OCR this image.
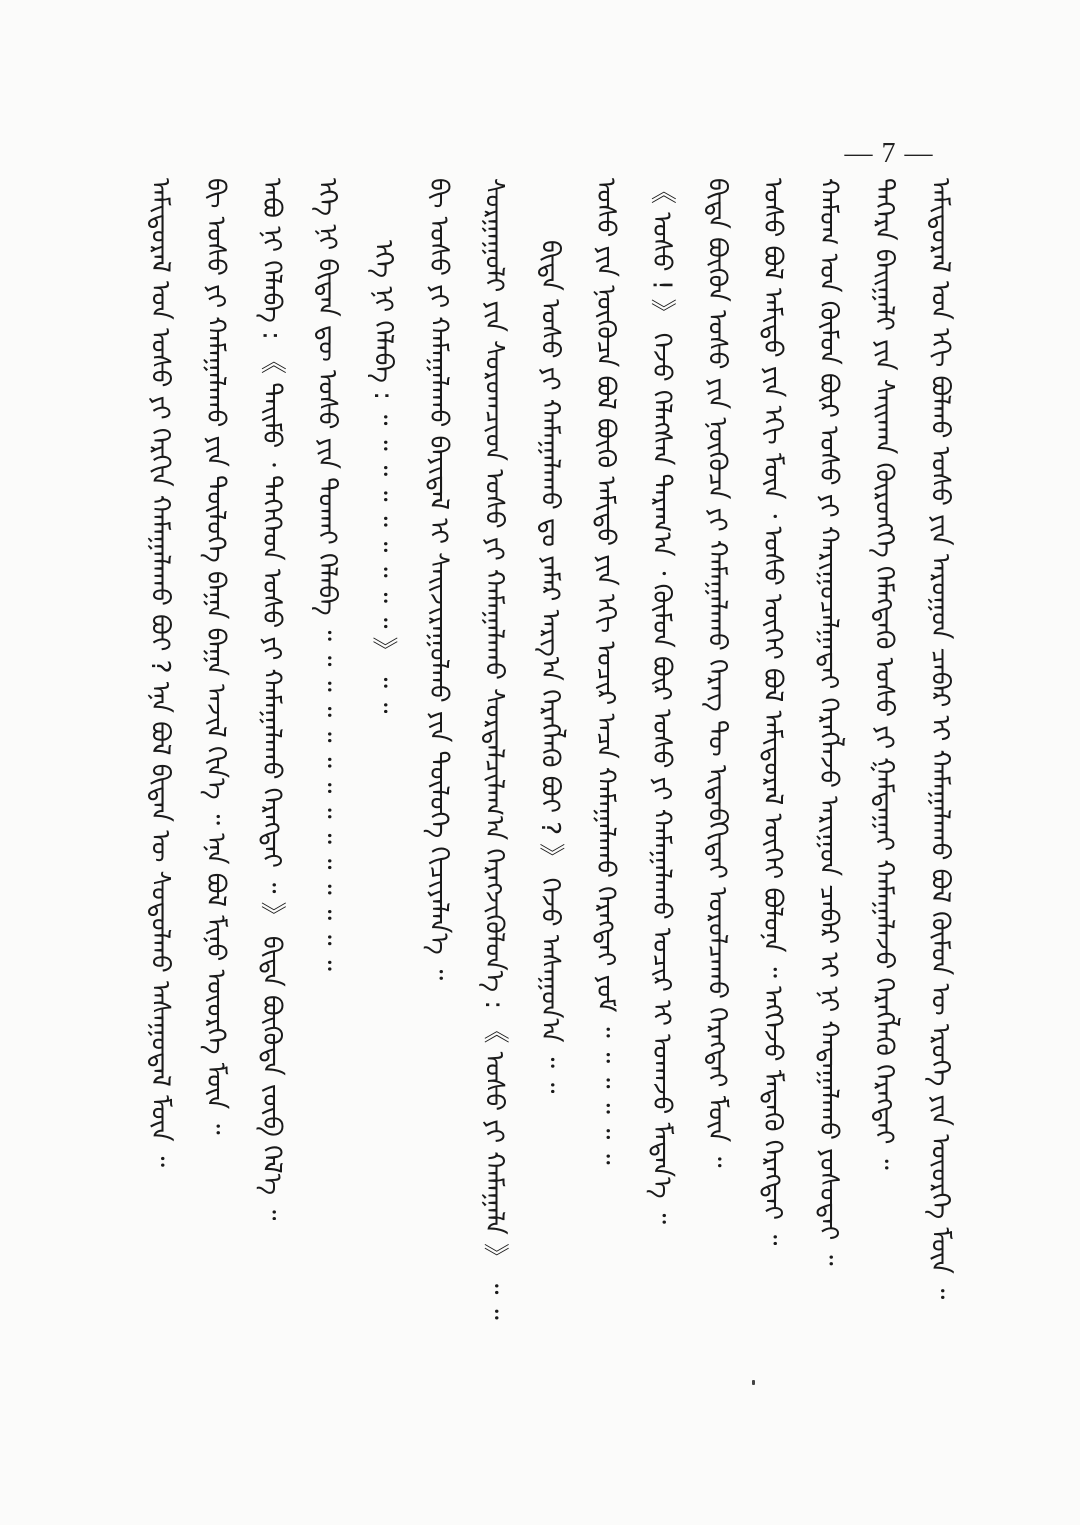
— 7 —
ᠠᠮᠢᠳᠤᠷᠠᠯ ᠤᠨ ᠡᠬᠢ ᠪᠣᠯᠬᠤ ᠤᠰᠤ ᠶᠢᠨ ᠠᠷᠤᠭᠤᠨ ᠴᠡᠪᠡᠷ ᠢ ᠬᠠᠮᠠᠭᠠᠯᠠᠬᠤ ᠪᠣᠯ ᠬᠦᠮᠦᠨ ᠦ ᠡᠷᠦᠬᠡ ᠶᠢᠨ ᠦᠦᠷᠭᠡ ᠮᠥᠨ ᠃
ᠲᠡᠭᠡᠷᠡ ᠪᠠᠢᠭᠠᠯᠢ ᠶᠢᠨ ᠰᠠᠢᠬᠠᠨ ᠬᠥᠷᠥᠩᠭᠡ ᠬᠡᠮᠡᠭᠳᠡᠬᠦ ᠤᠰᠤ ᠶᠢ ᠭᠠᠮᠲᠠᠭᠠᠢ ᠬᠠᠮᠠᠭᠠᠯᠠᠵᠤ ᠬᠡᠷᠡᠭᠯᠡᠬᠦ ᠬᠡᠷᠡᠭᠲᠡᠢ ᠃
ᠬᠠᠮᠤᠭ ᠤᠨ ᠬᠦᠮᠦᠨ ᠪᠦᠷ ᠤᠰᠤ ᠶᠢ ᠬᠠᠷᠢᠭᠤᠴᠠᠯᠭᠠᠲᠠᠢ ᠬᠡᠷᠡᠭᠯᠡᠵᠦ ᠠᠷᠢᠭᠤᠨ ᠴᠡᠪᠡᠷ ᠢ ᠨᠢ ᠬᠠᠳᠠᠭᠠᠯᠠᠬᠤ ᠶᠣᠰᠣᠲᠠᠢ ᠃
ᠤᠰᠤ ᠪᠣᠯ ᠠᠮᠢᠳᠤ ᠶᠢᠨ ᠡᠬᠢ ᠮᠥᠨ ᠂ ᠤᠰᠤ ᠦᠭᠡᠢ ᠪᠣᠯ ᠠᠮᠢᠳᠤᠷᠠᠯ ᠦᠭᠡᠢ ᠪᠣᠯᠤᠨᠠ ᠃ ᠡᠩᠭᠡᠵᠦ ᠮᠡᠳᠡᠬᠦ ᠬᠡᠷᠡᠭᠲᠡᠢ ᠃
ᠪᠢᠳᠡ ᠪᠦᠬᠦᠨ ᠤᠰᠤ ᠶᠢᠨ ᠨᠥᠭᠦᠴᠡ ᠶᠢ ᠬᠠᠮᠠᠭᠠᠯᠠᠬᠤ ᠬᠡᠷᠡᠭ ᠲᠦ ᠢᠳᠡᠪᠬᠢᠲᠡᠢ ᠣᠷᠤᠯᠴᠠᠬᠤ ᠬᠡᠷᠡᠭᠲᠡᠢ ᠮᠥᠨ ᠃
《 ᠤᠰᠤ ! 》 ᠭᠡᠵᠦ ᠬᠡᠯᠡᠭᠰᠡᠨ ᠳᠠᠷᠠᠭ᠎ᠠ ᠂ ᠬᠦᠮᠦᠨ ᠪᠦᠷ ᠤᠰᠤ ᠶᠢ ᠬᠠᠮᠠᠭᠠᠯᠠᠬᠤ ᠤᠴᠢᠷ ᠢ ᠤᠬᠠᠵᠤ ᠮᠡᠳᠡᠨ᠎ᠡ ᠃
ᠤᠰᠤ ᠶᠢᠨ ᠨᠥᠭᠦᠴᠡ ᠪᠣᠯ ᠪᠦᠬᠦ ᠠᠮᠢᠳᠤ ᠶᠢᠨ ᠡᠬᠢ ᠤᠴᠢᠷ ᠠᠴᠠ ᠬᠠᠮᠠᠭᠠᠯᠠᠬᠤ ᠬᠡᠷᠡᠭᠲᠡᠢ ᠶᠤᠮ ᠃ ᠃ ᠃ ᠃ ᠃ ᠃
ᠪᠢᠳᠡ ᠤᠰᠤ ᠶᠢ ᠬᠠᠮᠠᠭᠠᠯᠠᠬᠤ ᠳᠤ ᠶᠠᠮᠠᠷ ᠠᠷᠭ᠎ᠠ ᠬᠡᠷᠡᠭᠯᠡᠬᠦ ᠪᠤᠢ ? 》 ᠭᠡᠵᠦ ᠠᠰᠠᠭᠤᠨ᠎ᠠ ᠃ ᠃
ᠰᠤᠷᠭᠠᠭᠤᠯᠢ ᠶᠢᠨ ᠰᠤᠷᠤᠭᠴᠢᠳ ᠤᠰᠤ ᠶᠢ ᠬᠠᠮᠠᠭᠠᠯᠠᠬᠤ ᠰᠤᠷᠲᠠᠯᠴᠢᠯᠠᠭ᠎ᠠ ᠬᠡᠷᠡᠭᠵᠢᠭᠦᠯᠦᠨ᠎ᠡ : 《 ᠤᠰᠤ ᠶᠢ ᠬᠠᠮᠠᠭᠠᠯᠠ 》 ᠃ ᠃
ᠪᠢ ᠤᠰᠤ ᠶᠢ ᠬᠠᠮᠠᠭᠠᠯᠠᠬᠤ ᠪᠠᠶᠢᠳᠠᠯ ᠢ ᠰᠠᠢᠵᠢᠷᠠᠭᠤᠯᠬᠤ ᠶᠢᠨ ᠲᠥᠯᠥᠭᠡ ᠬᠢᠴᠢᠶᠡᠯᠡᠨ᠎ᠡ ᠃
ᠡᠬᠡ ᠨᠢ ᠬᠡᠯᠡᠪᠡ : ᠃ ᠃ ᠃ ᠃ ᠃ ᠃ ᠃ ᠃ ᠃ 》 ᠃ ᠃
ᠡᠬᠡ ᠨᠢ ᠪᠢᠳᠡᠨ ᠳᠦ ᠤᠰᠤ ᠶᠢᠨ ᠲᠤᠬᠠᠢ ᠬᠡᠯᠡᠪᠡ ᠃ ᠃ ᠃ ᠃ ᠃ ᠃ ᠃ ᠃ ᠃ ᠃ ᠃ ᠃ ᠃ ᠃
ᠠᠪᠤ ᠨᠢ ᠬᠡᠯᠡᠪᠡ : 《 ᠲᠡᠢᠮᠦ ᠂ ᠲᠡᠭᠡᠭᠡᠳ ᠤᠰᠤ ᠶᠢ ᠬᠠᠮᠠᠭᠠᠯᠠᠬᠤ ᠬᠡᠷᠡᠭᠲᠡᠢ ᠃ 》 ᠪᠢᠳᠡ ᠪᠦᠭᠦᠳᠡ ᠵᠥᠪ ᠭᠡᠯ᠎ᠡ ᠃
ᠪᠢ ᠤᠰᠤ ᠶᠢ ᠬᠠᠮᠠᠭᠠᠯᠠᠬᠤ ᠶᠢᠨ ᠲᠥᠯᠥᠭᠡ ᠪᠠᠭᠠ ᠪᠠᠭᠠ ᠠᠵᠢᠯ ᠬᠢᠨ᠎ᠡ ᠃ ᠡᠨᠡ ᠪᠣᠯ ᠮᠢᠨᠦ ᠦᠦᠷᠭᠡ ᠮᠥᠨ ᠃
ᠠᠮᠢᠳᠤᠷᠠᠯ ᠤᠨ ᠤᠰᠤ ᠶᠢ ᠬᠡᠷᠬᠢᠨ ᠬᠠᠮᠠᠭᠠᠯᠠᠬᠤ ᠪᠤᠢ ? ᠡᠨᠡ ᠪᠣᠯ ᠪᠢᠳᠡᠨ ᠦ ᠰᠤᠳᠤᠯᠬᠤ ᠠᠰᠠᠭᠤᠳᠠᠯ ᠮᠥᠨ ᠃
